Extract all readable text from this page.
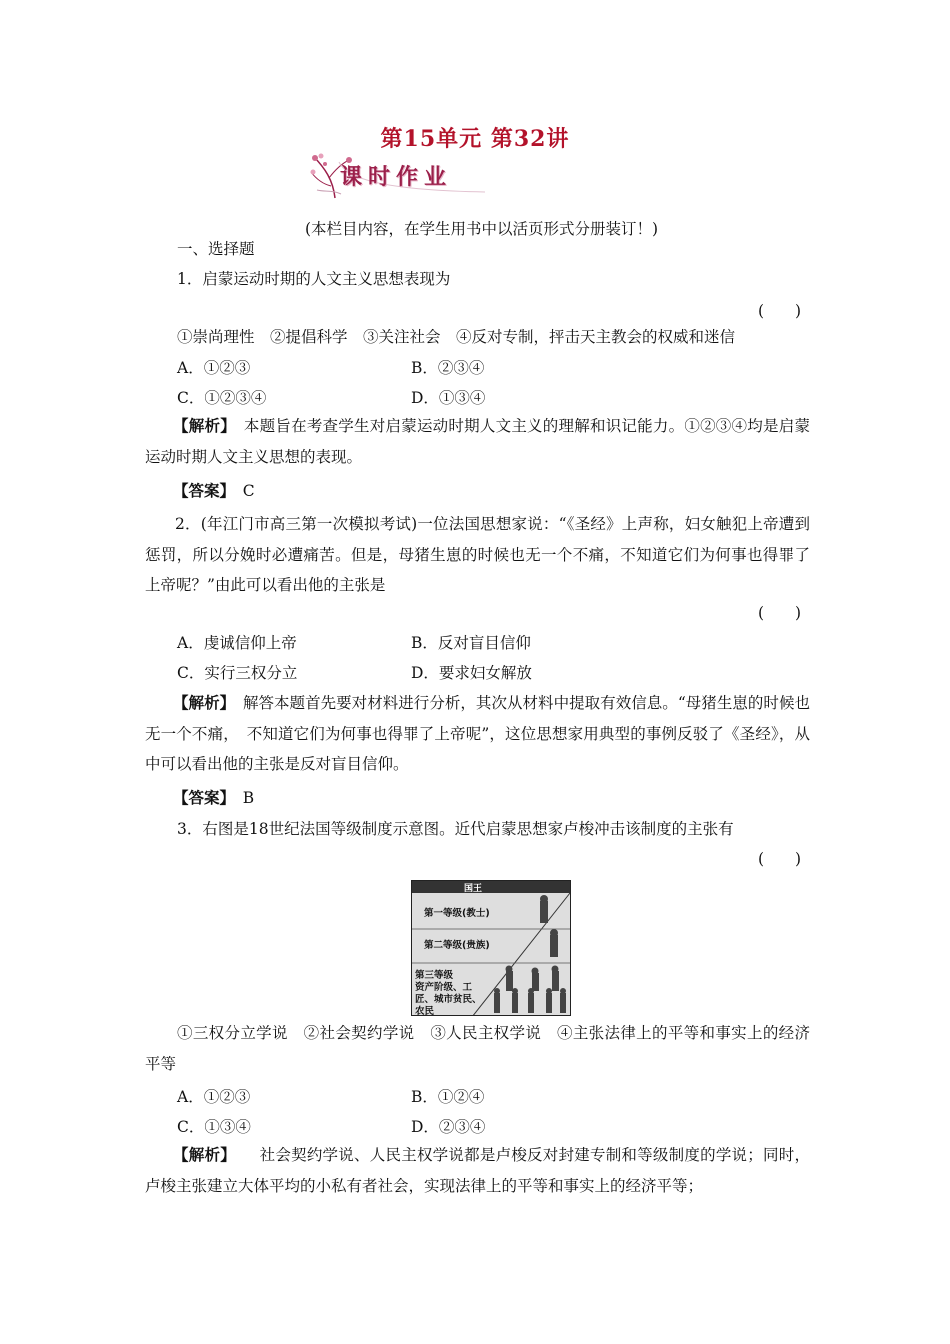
第15单元 第32讲
课时作业
(本栏目内容，在学生用书中以活页形式分册装订！)
一、选择题
1．启蒙运动时期的人文主义思想表现为
(　　)
①崇尚理性　②提倡科学　③关注社会　④反对专制，抨击天主教会的权威和迷信
A．①②③	B．②③④
C．①②③④	D．①③④
【解析】　 本题旨在考查学生对启蒙运动时期人文主义的理解和识记能力。①②③④均是启蒙运动时期人文主义思想的表现。
【答案】　 C
2．(年江门市高三第一次模拟考试)一位法国思想家说：“《圣经》上声称，妇女触犯上帝遭到惩罚，所以分娩时必遭痛苦。但是，母猪生崽的时候也无一个不痛，不知道它们为何事也得罪了上帝呢？”由此可以看出他的主张是
(　　)
A．虔诚信仰上帝	B．反对盲目信仰
C．实行三权分立	D．要求妇女解放
【解析】　 解答本题首先要对材料进行分析，其次从材料中提取有效信息。“母猪生崽的时候也无一个不痛，　不知道它们为何事也得罪了上帝呢”，这位思想家用典型的事例反驳了《圣经》，从中可以看出他的主张是反对盲目信仰。
【答案】　 B
3．右图是18世纪法国等级制度示意图。近代启蒙思想家卢梭冲击该制度的主张有
(　　)
国王
第一等级(教士)
第二等级(贵族)
第三等级
资产阶级、工
匠、城市贫民、
农民
①三权分立学说　②社会契约学说　③人民主权学说　④主张法律上的平等和事实上的经济平等
A．①②③	B．①②④
C．①③④	D．②③④
【解析】　　 社会契约学说、人民主权学说都是卢梭反对封建专制和等级制度的学说；同时，卢梭主张建立大体平均的小私有者社会，实现法律上的平等和事实上的经济平等；
